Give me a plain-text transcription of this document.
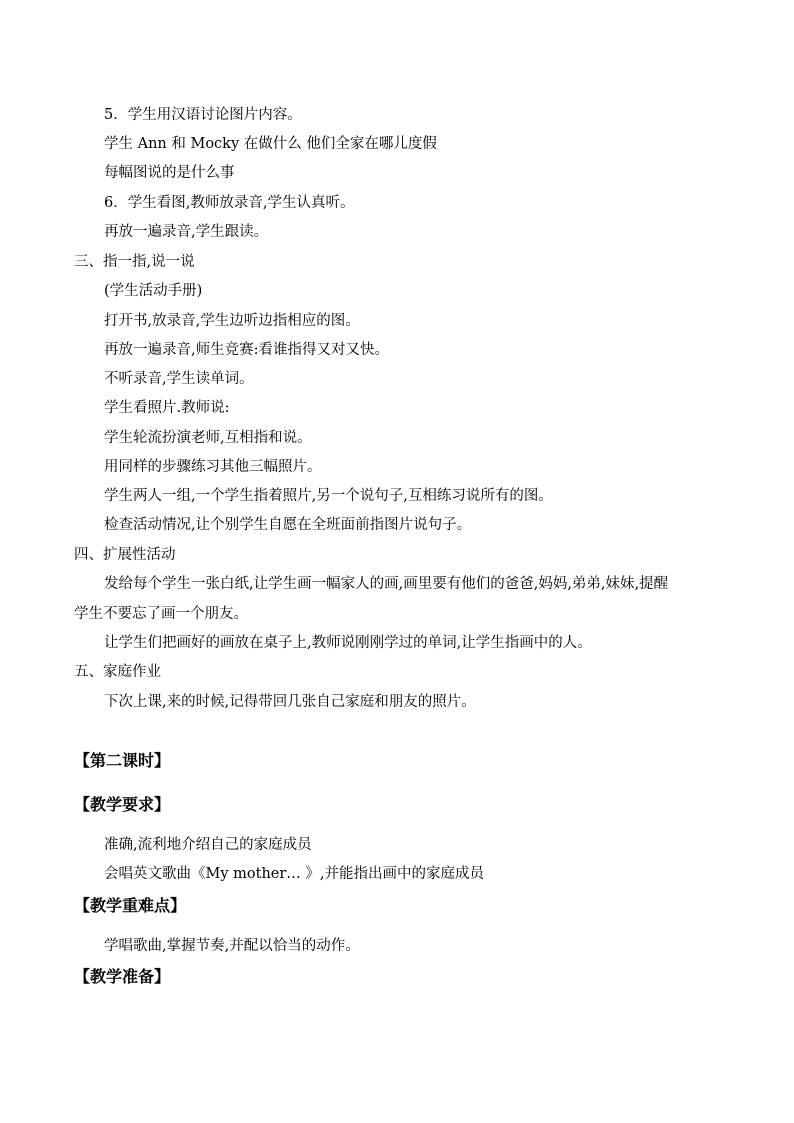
5．学生用汉语讨论图片内容。
学生 Ann 和 Mocky 在做什么 他们全家在哪儿度假
每幅图说的是什么事
6．学生看图,教师放录音,学生认真听。
再放一遍录音,学生跟读。
三、指一指,说一说
(学生活动手册)
打开书,放录音,学生边听边指相应的图。
再放一遍录音,师生竞赛:看谁指得又对又快。
不听录音,学生读单词。
学生看照片.教师说:
学生轮流扮演老师,互相指和说。
用同样的步骤练习其他三幅照片。
学生两人一组,一个学生指着照片,另一个说句子,互相练习说所有的图。
检查活动情况,让个别学生自愿在全班面前指图片说句子。
四、扩展性活动
发给每个学生一张白纸,让学生画一幅家人的画,画里要有他们的爸爸,妈妈,弟弟,妹妹,提醒
学生不要忘了画一个朋友。
让学生们把画好的画放在桌子上,教师说刚刚学过的单词,让学生指画中的人。
五、家庭作业
下次上课,来的时候,记得带回几张自己家庭和朋友的照片。
【第二课时】
【教学要求】
准确,流利地介绍自己的家庭成员
会唱英文歌曲《My mother… 》,并能指出画中的家庭成员
【教学重难点】
学唱歌曲,掌握节奏,并配以恰当的动作。
【教学准备】
